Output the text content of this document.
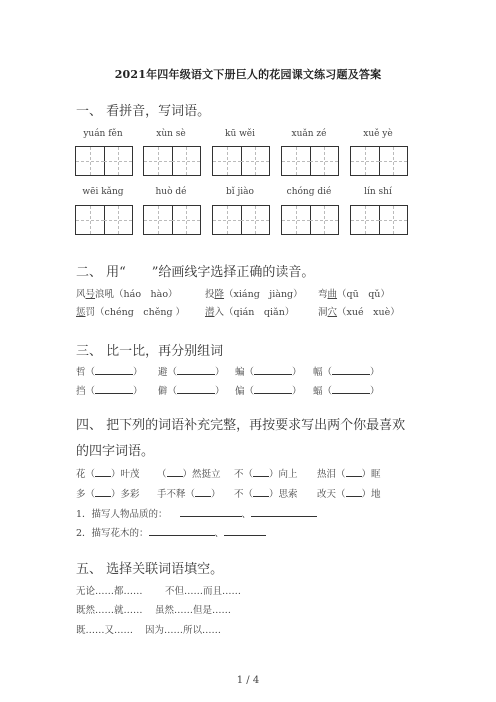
2021年四年级语文下册巨人的花园课文练习题及答案
一、 看拼音，写词语。
yuán fěn	xùn sè	kū wěi	xuǎn zé	xuě yè
wēi kǎng	huò dé	bǐ jiào	chóng dié	lín shí
二、 用“　　”给画线字选择正确的读音。
风号浪吼（háo　hào）	投降（xiáng　jiàng） 弯曲（qū　qǔ）
惩罚（chéng　chěng ） 潜入（qián　qiǎn） 洞穴（xué　xuè）
三、 比一比，再分别组词
哲（	） 避（	） 蝙（	） 幅（	）
挡（	） 僻（	） 偏（	） 蝠（	）
四、 把下列的词语补充完整，再按要求写出两个你最喜欢
的四字词语。
花（ ）叶茂 （ ）然挺立 不（ ）向上 热泪（ ）眶
多（ ）多彩 手不释（ ） 不（ ）思索 改天（ ）地
1．描写人物品质的：	、
2．描写花木的：	、
五、 选择关联词语填空。
无论……都…… 不但……而且……
既然……就…… 虽然……但是……
既……又…… 因为……所以……
1 / 4
